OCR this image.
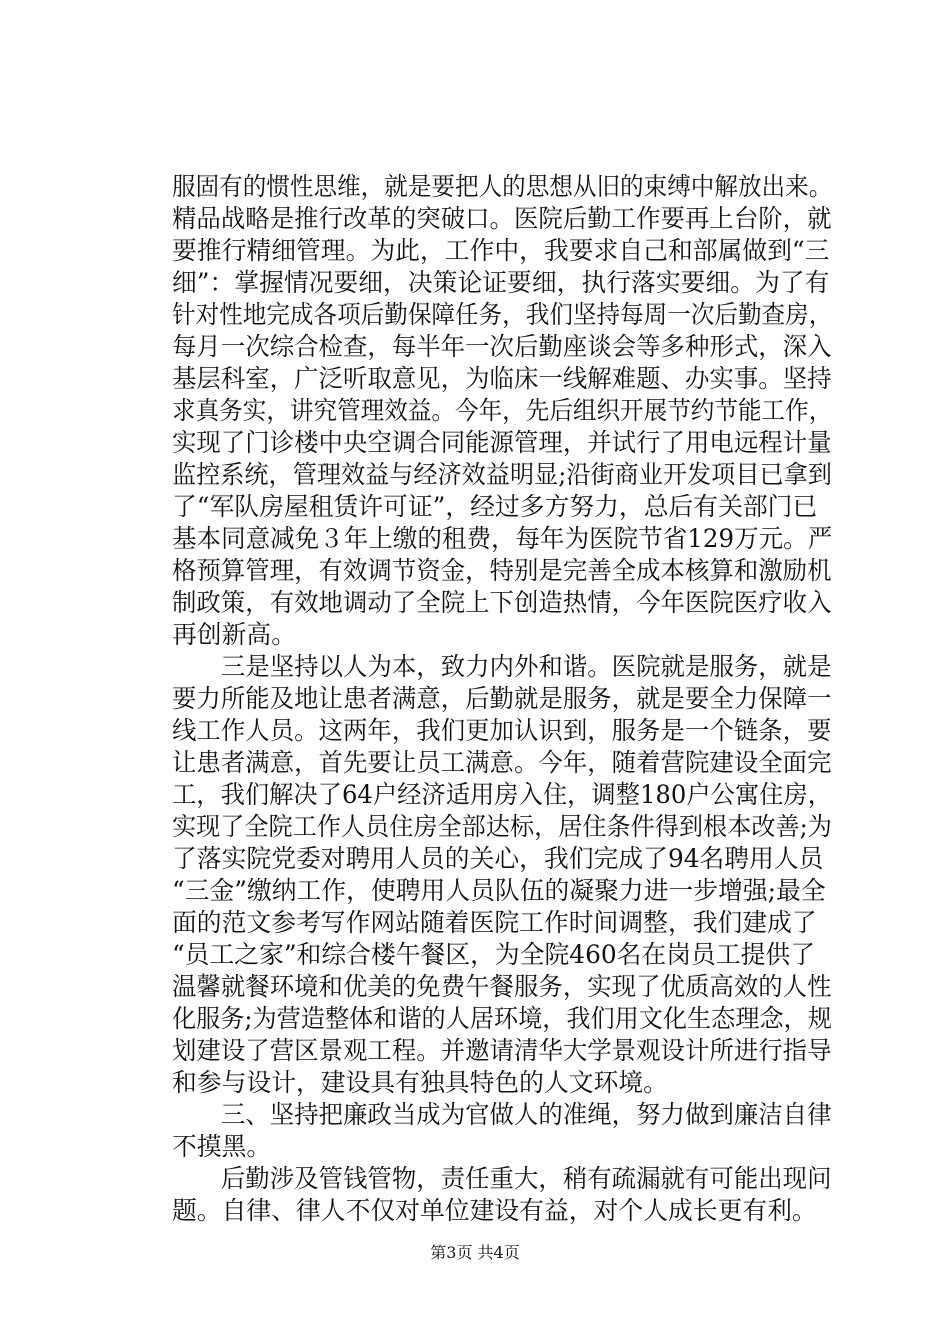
服固有的惯性思维，就是要把人的思想从旧的束缚中解放出来。
精品战略是推行改革的突破口。医院后勤工作要再上台阶，就
要推行精细管理。为此，工作中，我要求自己和部属做到“三
细”：掌握情况要细，决策论证要细，执行落实要细。为了有
针对性地完成各项后勤保障任务，我们坚持每周一次后勤查房，
每月一次综合检查，每半年一次后勤座谈会等多种形式，深入
基层科室，广泛听取意见，为临床一线解难题、办实事。坚持
求真务实，讲究管理效益。今年，先后组织开展节约节能工作，
实现了门诊楼中央空调合同能源管理，并试行了用电远程计量
监控系统，管理效益与经济效益明显;沿街商业开发项目已拿到
了“军队房屋租赁许可证”，经过多方努力，总后有关部门已
基本同意减免３年上缴的租费，每年为医院节省129万元。严
格预算管理，有效调节资金，特别是完善全成本核算和激励机
制政策，有效地调动了全院上下创造热情，今年医院医疗收入
再创新高。
　　三是坚持以人为本，致力内外和谐。医院就是服务，就是
要力所能及地让患者满意，后勤就是服务，就是要全力保障一
线工作人员。这两年，我们更加认识到，服务是一个链条，要
让患者满意，首先要让员工满意。今年，随着营院建设全面完
工，我们解决了64户经济适用房入住，调整180户公寓住房，
实现了全院工作人员住房全部达标，居住条件得到根本改善;为
了落实院党委对聘用人员的关心，我们完成了94名聘用人员
“三金”缴纳工作，使聘用人员队伍的凝聚力进一步增强;最全
面的范文参考写作网站随着医院工作时间调整，我们建成了
“员工之家”和综合楼午餐区，为全院460名在岗员工提供了
温馨就餐环境和优美的免费午餐服务，实现了优质高效的人性
化服务;为营造整体和谐的人居环境，我们用文化生态理念，规
划建设了营区景观工程。并邀请清华大学景观设计所进行指导
和参与设计，建设具有独具特色的人文环境。
　　三、坚持把廉政当成为官做人的准绳，努力做到廉洁自律
不摸黑。
　　后勤涉及管钱管物，责任重大，稍有疏漏就有可能出现问
题。自律、律人不仅对单位建设有益，对个人成长更有利。
第3页 共4页
